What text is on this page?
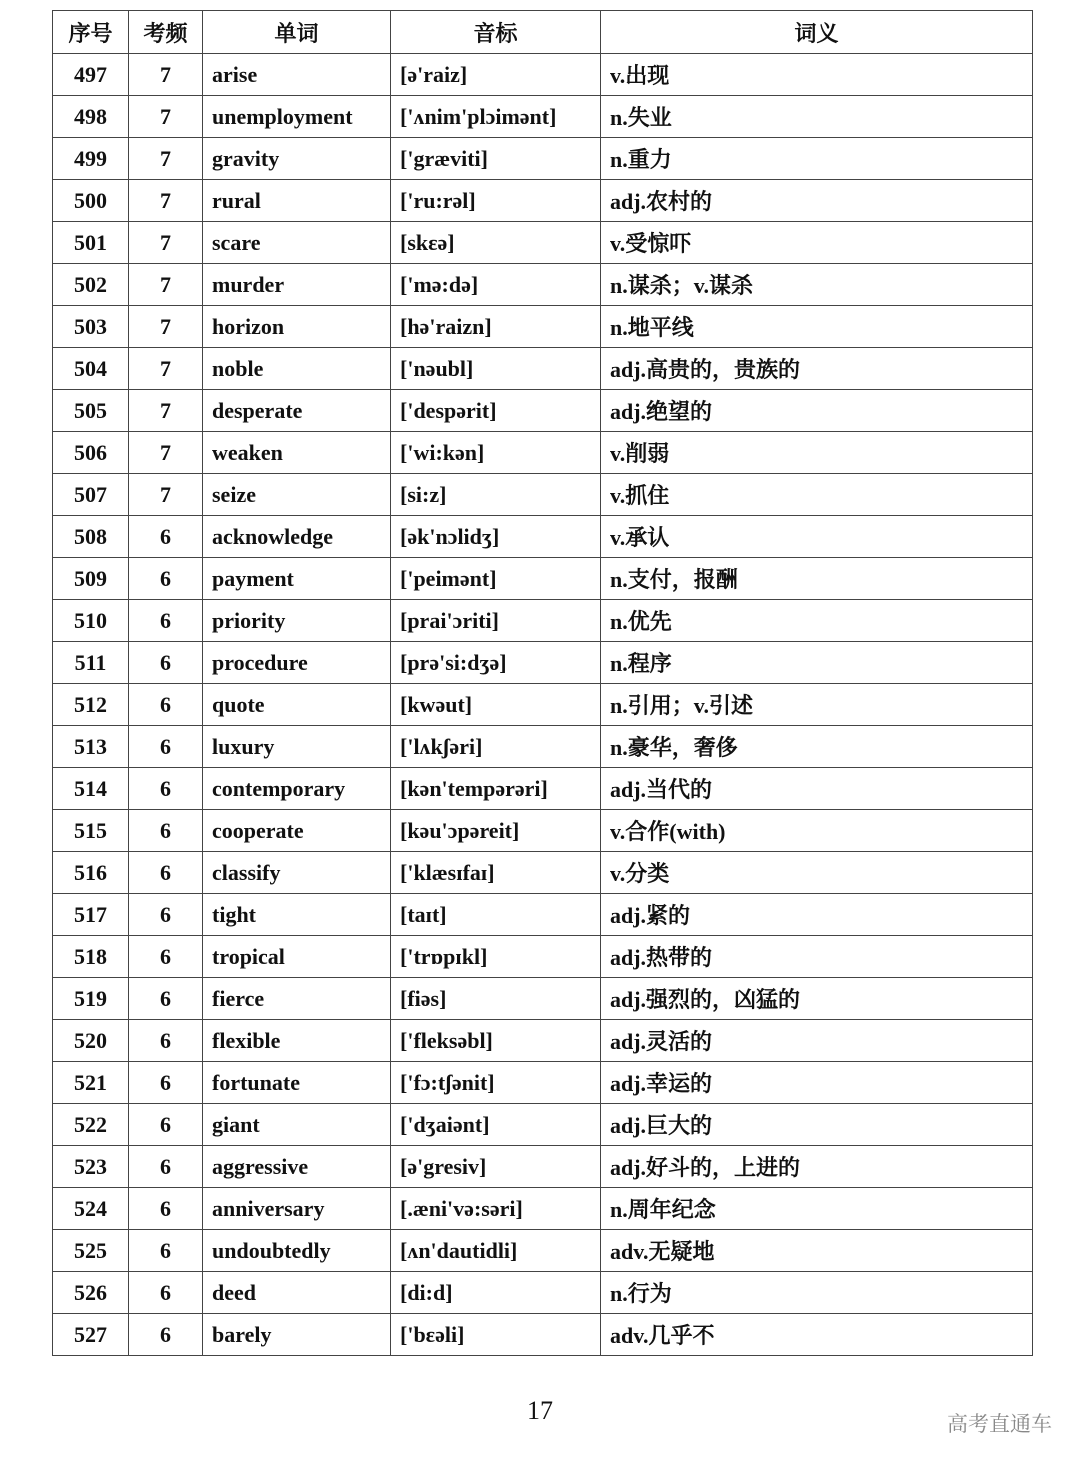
序号	考频	单词	音标	词义
497	7	arise	[ə'raiz]	v.出现
498	7	unemployment	['ʌnim'plɔimənt]	n.失业
499	7	gravity	['grævitі]	n.重力
500	7	rural	['ru:rəl]	adj.农村的
501	7	scare	[skεə]	v.受惊吓
502	7	murder	['mə:də]	n.谋杀；v.谋杀
503	7	horizon	[hə'raizn]	n.地平线
504	7	noble	['nəubl]	adj.高贵的，贵族的
505	7	desperate	['despərit]	adj.绝望的
506	7	weaken	['wi:kən]	v.削弱
507	7	seize	[si:z]	v.抓住
508	6	acknowledge	[ək'nɔlidʒ]	v.承认
509	6	payment	['peimənt]	n.支付，报酬
510	6	priority	[prai'ɔriti]	n.优先
511	6	procedure	[prə'si:dʒə]	n.程序
512	6	quote	[kwəut]	n.引用；v.引述
513	6	luxury	['lʌkʃəri]	n.豪华，奢侈
514	6	contemporary	[kən'tempərəri]	adj.当代的
515	6	cooperate	[kəu'ɔpəreit]	v.合作(with)
516	6	classify	['klæsɪfaɪ]	v.分类
517	6	tight	[taɪt]	adj.紧的
518	6	tropical	['trɒpɪkl]	adj.热带的
519	6	fierce	[fiəs]	adj.强烈的，凶猛的
520	6	flexible	['fleksəbl]	adj.灵活的
521	6	fortunate	['fɔ:tʃənit]	adj.幸运的
522	6	giant	['dʒaiənt]	adj.巨大的
523	6	aggressive	[ə'gresiv]	adj.好斗的，上进的
524	6	anniversary	[.æni'və:səri]	n.周年纪念
525	6	undoubtedly	[ʌn'dautidli]	adv.无疑地
526	6	deed	[di:d]	n.行为
527	6	barely	['bεəli]	adv.几乎不
17	高考直通车
